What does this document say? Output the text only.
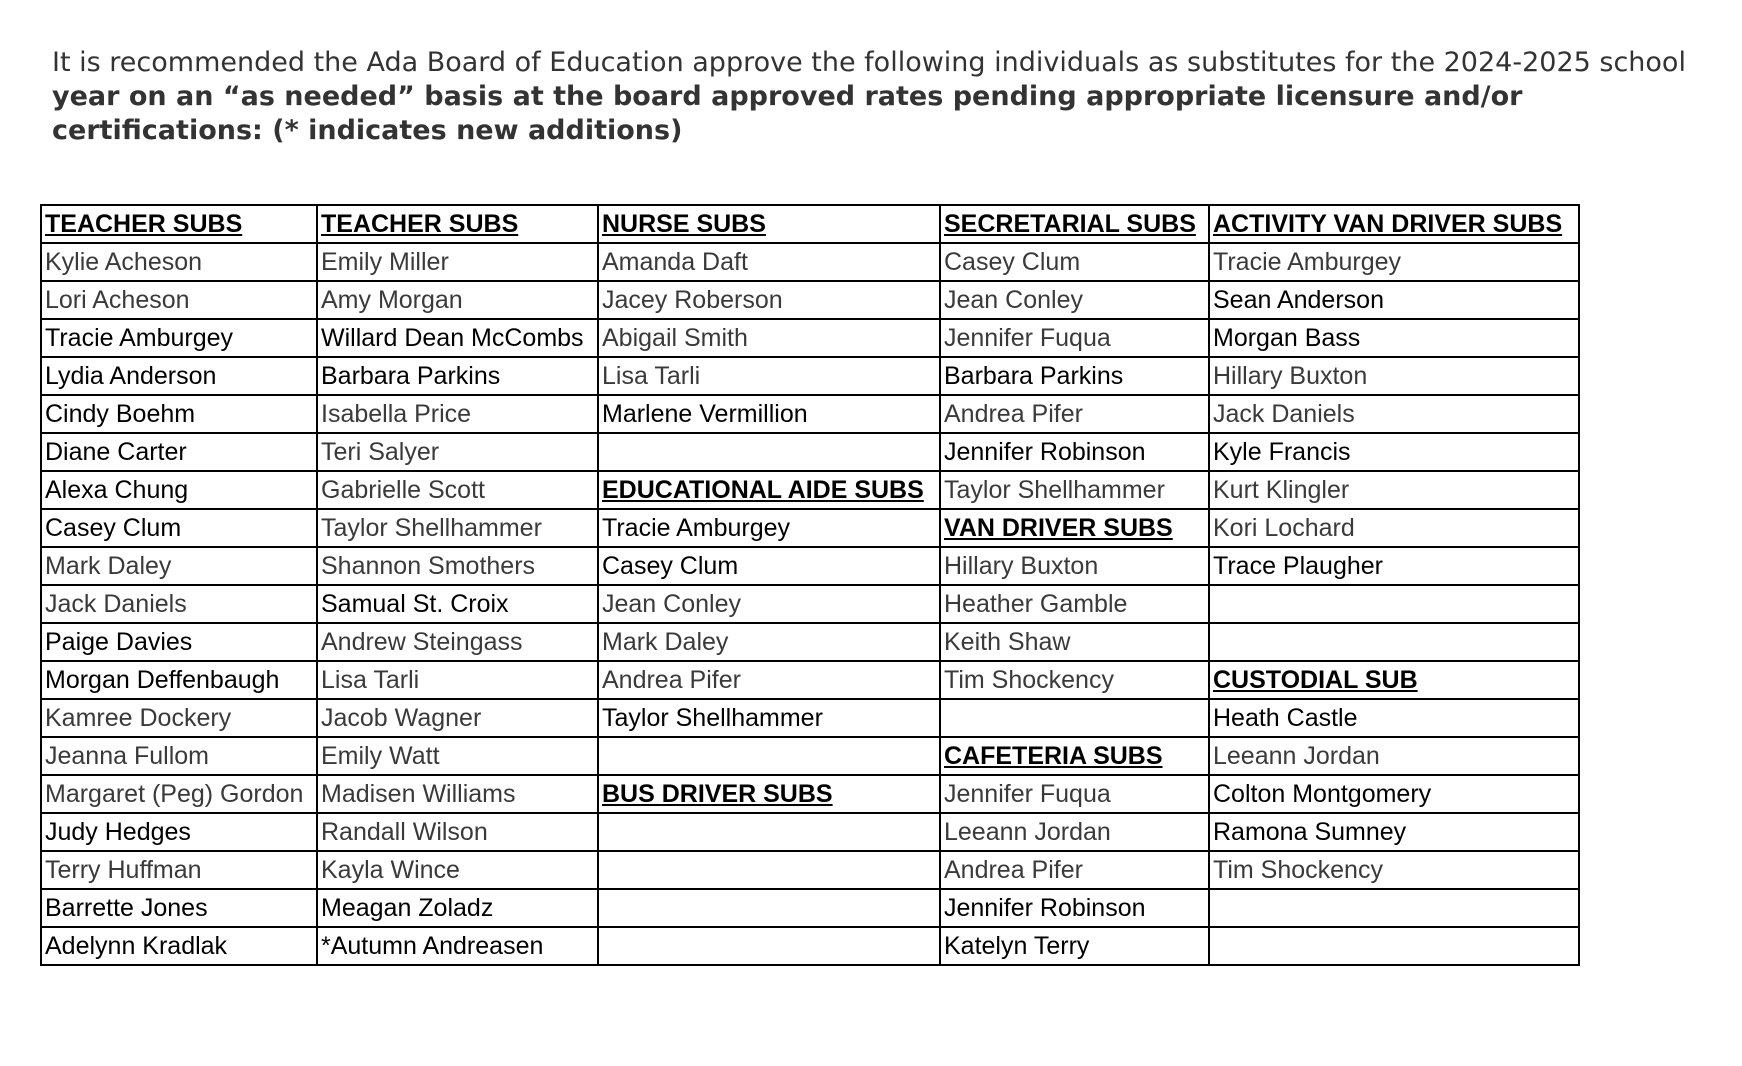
It is recommended the Ada Board of Education approve the following individuals as substitutes for the 2024-2025 school year on an “as needed” basis at the board approved rates pending appropriate licensure and/or certifications: (* indicates new additions)

TEACHER SUBS	TEACHER SUBS	NURSE SUBS	SECRETARIAL SUBS	ACTIVITY VAN DRIVER SUBS
Kylie Acheson	Emily Miller	Amanda Daft	Casey Clum	Tracie Amburgey
Lori Acheson	Amy Morgan	Jacey Roberson	Jean Conley	Sean Anderson
Tracie Amburgey	Willard Dean McCombs	Abigail Smith	Jennifer Fuqua	Morgan Bass
Lydia Anderson	Barbara Parkins	Lisa Tarli	Barbara Parkins	Hillary Buxton
Cindy Boehm	Isabella Price	Marlene Vermillion	Andrea Pifer	Jack Daniels
Diane Carter	Teri Salyer		Jennifer Robinson	Kyle Francis
Alexa Chung	Gabrielle Scott	EDUCATIONAL AIDE SUBS	Taylor Shellhammer	Kurt Klingler
Casey Clum	Taylor Shellhammer	Tracie Amburgey	VAN DRIVER SUBS	Kori Lochard
Mark Daley	Shannon Smothers	Casey Clum	Hillary Buxton	Trace Plaugher
Jack Daniels	Samual St. Croix	Jean Conley	Heather Gamble	
Paige Davies	Andrew Steingass	Mark Daley	Keith Shaw	
Morgan Deffenbaugh	Lisa Tarli	Andrea Pifer	Tim Shockency	CUSTODIAL SUB
Kamree Dockery	Jacob Wagner	Taylor Shellhammer		Heath Castle
Jeanna Fullom	Emily Watt		CAFETERIA SUBS	Leeann Jordan
Margaret (Peg) Gordon	Madisen Williams	BUS DRIVER SUBS	Jennifer Fuqua	Colton Montgomery
Judy Hedges	Randall Wilson		Leeann Jordan	Ramona Sumney
Terry Huffman	Kayla Wince		Andrea Pifer	Tim Shockency
Barrette Jones	Meagan Zoladz		Jennifer Robinson	
Adelynn Kradlak	*Autumn Andreasen		Katelyn Terry	
